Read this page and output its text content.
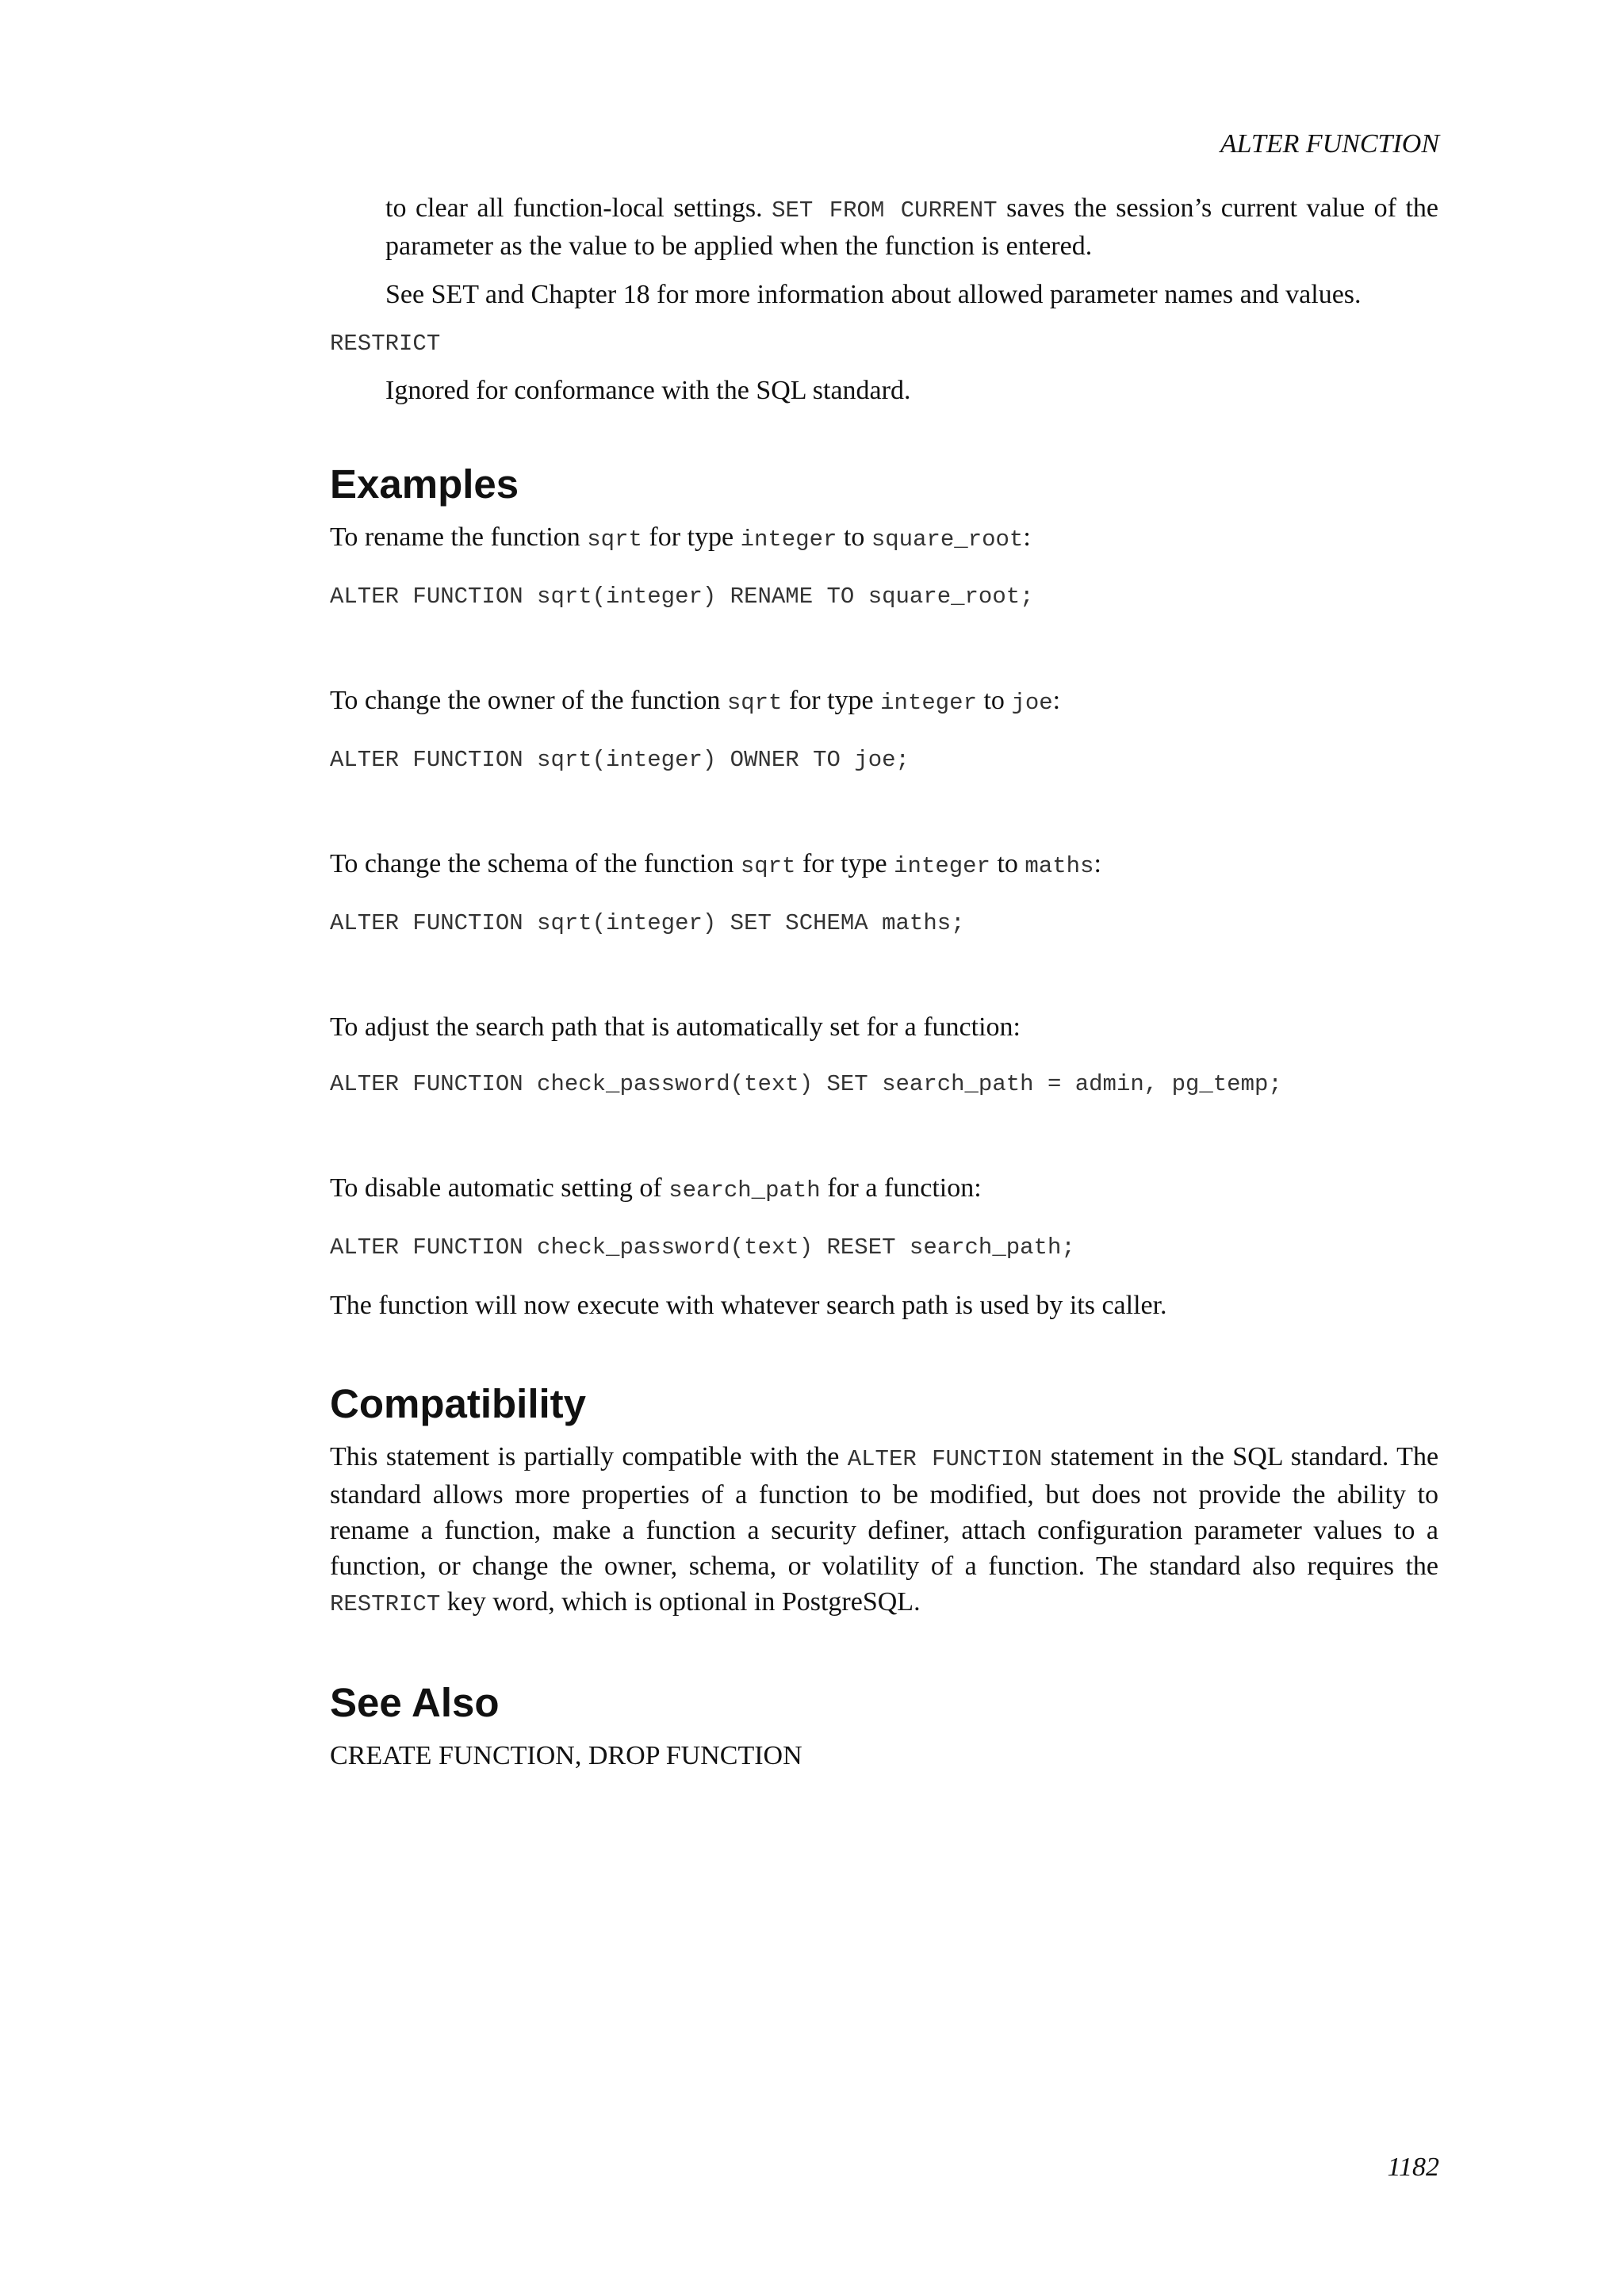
ALTER FUNCTION

to clear all function-local settings. SET FROM CURRENT saves the session’s current value of the parameter as the value to be applied when the function is entered.

See SET and Chapter 18 for more information about allowed parameter names and values.

RESTRICT

Ignored for conformance with the SQL standard.

Examples

To rename the function sqrt for type integer to square_root:

ALTER FUNCTION sqrt(integer) RENAME TO square_root;

To change the owner of the function sqrt for type integer to joe:

ALTER FUNCTION sqrt(integer) OWNER TO joe;

To change the schema of the function sqrt for type integer to maths:

ALTER FUNCTION sqrt(integer) SET SCHEMA maths;

To adjust the search path that is automatically set for a function:

ALTER FUNCTION check_password(text) SET search_path = admin, pg_temp;

To disable automatic setting of search_path for a function:

ALTER FUNCTION check_password(text) RESET search_path;

The function will now execute with whatever search path is used by its caller.

Compatibility

This statement is partially compatible with the ALTER FUNCTION statement in the SQL standard. The standard allows more properties of a function to be modified, but does not provide the ability to rename a function, make a function a security definer, attach configuration parameter values to a function, or change the owner, schema, or volatility of a function. The standard also requires the RESTRICT key word, which is optional in PostgreSQL.

See Also

CREATE FUNCTION, DROP FUNCTION

1182
